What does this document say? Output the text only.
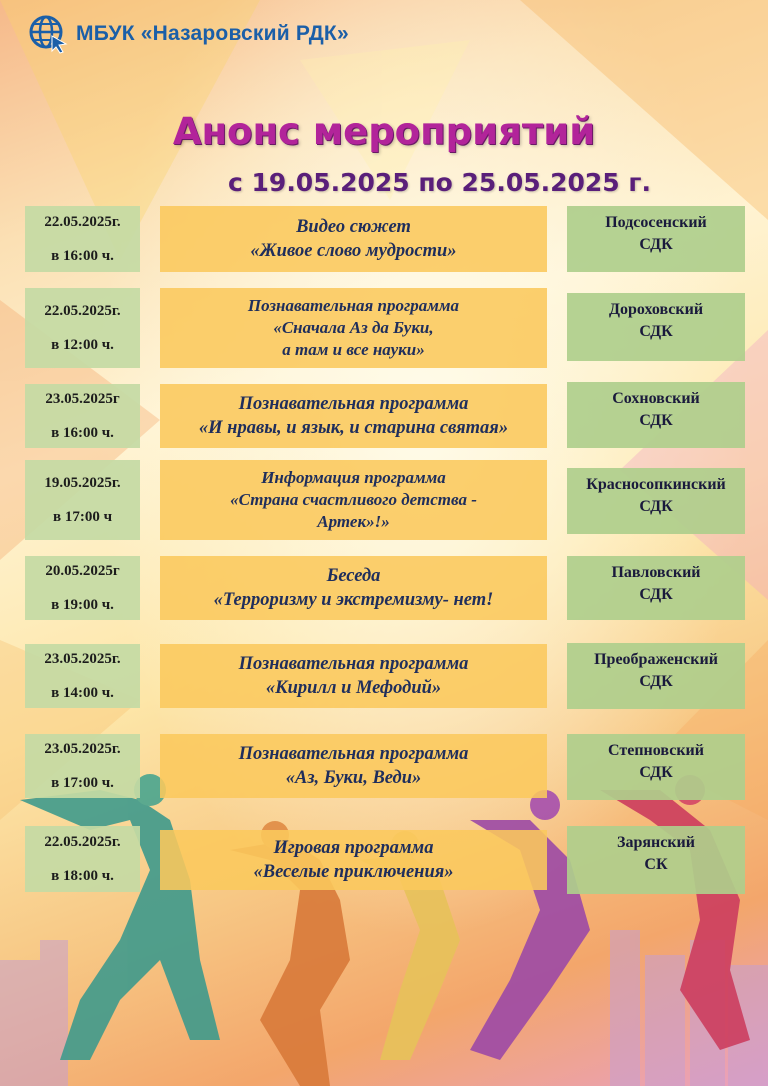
МБУК «Назаровский РДК»
Анонс мероприятий
с 19.05.2025 по 25.05.2025 г.
22.05.2025г.
в 16:00 ч.
Видео сюжет
«Живое слово мудрости»
Подсосенский
СДК
22.05.2025г.
в 12:00 ч.
Познавательная программа
«Сначала Аз да Буки,
а там и все науки»
Дороховский
СДК
23.05.2025г
в 16:00 ч.
Познавательная программа
«И нравы, и язык, и старина святая»
Сохновский
СДК
19.05.2025г.
в 17:00 ч
Информация программа
«Страна счастливого детства -
Артек»!»
Красносопкинский
СДК
20.05.2025г
в 19:00 ч.
Беседа
«Терроризму и экстремизму- нет!
Павловский
СДК
23.05.2025г.
в 14:00 ч.
Познавательная программа
«Кирилл и Мефодий»
Преображенский
СДК
23.05.2025г.
в 17:00 ч.
Познавательная программа
«Аз, Буки, Веди»
Степновский
СДК
22.05.2025г.
в 18:00 ч.
Игровая программа
«Веселые приключения»
Зарянский
СК
